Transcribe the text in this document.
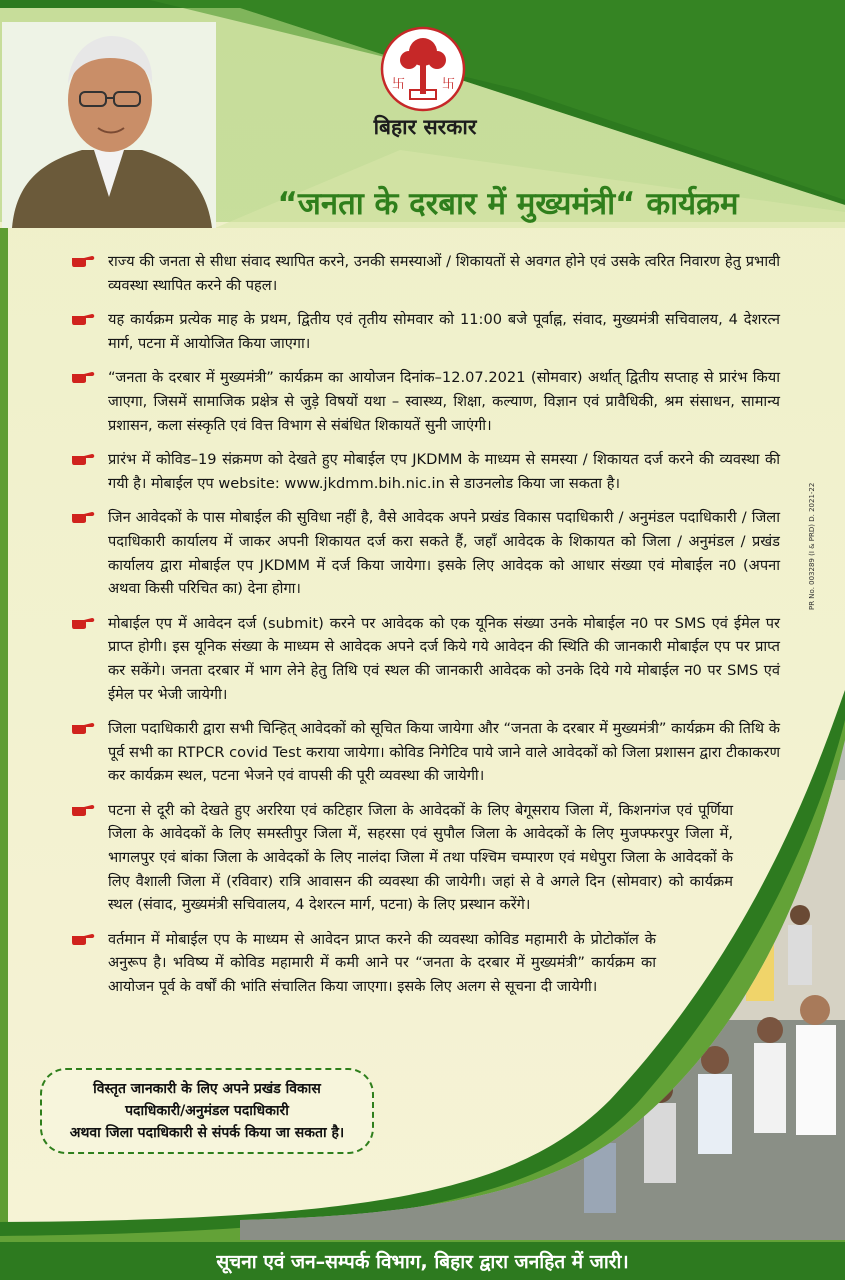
卐	卐
बिहार सरकार
“जनता के दरबार में मुख्यमंत्री“ कार्यक्रम
राज्य की जनता से सीधा संवाद स्थापित करने, उनकी समस्याओं / शिकायतों से अवगत होने एवं उसके त्वरित निवारण हेतु प्रभावी व्यवस्था स्थापित करने की पहल।
यह कार्यक्रम प्रत्येक माह के प्रथम, द्वितीय एवं तृतीय सोमवार को 11:00 बजे पूर्वाह्न, संवाद, मुख्यमंत्री सचिवालय, 4 देशरत्न मार्ग, पटना में आयोजित किया जाएगा।
“जनता के दरबार में मुख्यमंत्री” कार्यक्रम का आयोजन दिनांक–12.07.2021 (सोमवार) अर्थात् द्वितीय सप्ताह से प्रारंभ किया जाएगा, जिसमें सामाजिक प्रक्षेत्र से जुड़े विषयों यथा – स्वास्थ्य, शिक्षा, कल्याण, विज्ञान एवं प्रावैधिकी, श्रम संसाधन, सामान्य प्रशासन, कला संस्कृति एवं वित्त विभाग से संबंधित शिकायतें सुनी जाएंगी।
प्रारंभ में कोविड–19 संक्रमण को देखते हुए मोबाईल एप JKDMM के माध्यम से समस्या / शिकायत दर्ज करने की व्यवस्था की गयी है। मोबाईल एप website: www.jkdmm.bih.nic.in से डाउनलोड किया जा सकता है।
जिन आवेदकों के पास मोबाईल की सुविधा नहीं है, वैसे आवेदक अपने प्रखंड विकास पदाधिकारी / अनुमंडल पदाधिकारी / जिला पदाधिकारी कार्यालय में जाकर अपनी शिकायत दर्ज करा सकते हैं, जहाँ आवेदक के शिकायत को जिला / अनुमंडल / प्रखंड कार्यालय द्वारा मोबाईल एप JKDMM में दर्ज किया जायेगा। इसके लिए आवेदक को आधार संख्या एवं मोबाईल न0 (अपना अथवा किसी परिचित का) देना होगा।
मोबाईल एप में आवेदन दर्ज (submit) करने पर आवेदक को एक यूनिक संख्या उनके मोबाईल न0 पर SMS एवं ईमेल पर प्राप्त होगी। इस यूनिक संख्या के माध्यम से आवेदक अपने दर्ज किये गये आवेदन की स्थिति की जानकारी मोबाईल एप पर प्राप्त कर सकेंगे। जनता दरबार में भाग लेने हेतु तिथि एवं स्थल की जानकारी आवेदक को उनके दिये गये मोबाईल न0 पर SMS एवं ईमेल पर भेजी जायेगी।
जिला पदाधिकारी द्वारा सभी चिन्हित् आवेदकों को सूचित किया जायेगा और “जनता के दरबार में मुख्यमंत्री” कार्यक्रम की तिथि के पूर्व सभी का RTPCR covid Test कराया जायेगा। कोविड निगेटिव पाये जाने वाले आवेदकों को जिला प्रशासन द्वारा टीकाकरण कर कार्यक्रम स्थल, पटना भेजने एवं वापसी की पूरी व्यवस्था की जायेगी।
पटना से दूरी को देखते हुए अररिया एवं कटिहार जिला के आवेदकों के लिए बेगूसराय जिला में, किशनगंज एवं पूर्णिया जिला के आवेदकों के लिए समस्तीपुर जिला में, सहरसा एवं सुपौल जिला के आवेदकों के लिए मुजफ्फरपुर जिला में, भागलपुर एवं बांका जिला के आवेदकों के लिए नालंदा जिला में तथा पश्चिम चम्पारण एवं मधेपुरा जिला के आवेदकों के लिए वैशाली जिला में (रविवार) रात्रि आवासन की व्यवस्था की जायेगी। जहां से वे अगले दिन (सोमवार) को कार्यक्रम स्थल (संवाद, मुख्यमंत्री सचिवालय, 4 देशरत्न मार्ग, पटना) के लिए प्रस्थान करेंगे।
वर्तमान में मोबाईल एप के माध्यम से आवेदन प्राप्त करने की व्यवस्था कोविड महामारी के प्रोटोकॉल के अनुरूप है। भविष्य में कोविड महामारी में कमी आने पर “जनता के दरबार में मुख्यमंत्री” कार्यक्रम का आयोजन पूर्व के वर्षों की भांति संचालित किया जाएगा। इसके लिए अलग से सूचना दी जायेगी।
विस्तृत जानकारी के लिए अपने प्रखंड विकास
पदाधिकारी/अनुमंडल पदाधिकारी
अथवा जिला पदाधिकारी से संपर्क किया जा सकता है।
PR No. 003289 (I & PRD) D. 2021-22
सूचना एवं जन–सम्पर्क विभाग, बिहार द्वारा जनहित में जारी।
